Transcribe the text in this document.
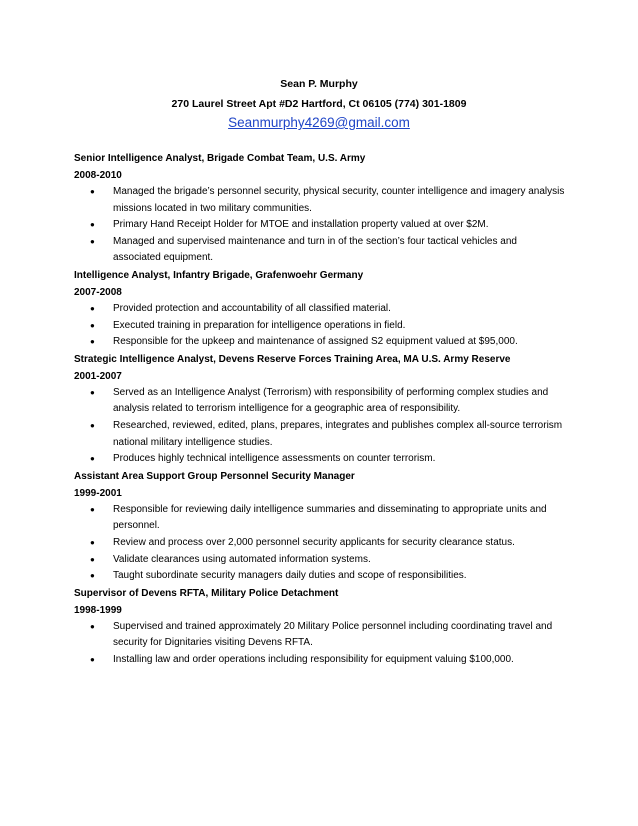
Sean P. Murphy
270 Laurel Street Apt #D2 Hartford, Ct 06105 (774) 301-1809
Seanmurphy4269@gmail.com
Senior Intelligence Analyst, Brigade Combat Team, U.S. Army
2008-2010
● Managed the brigade’s personnel security, physical security, counter intelligence and imagery analysis missions located in two military communities.
● Primary Hand Receipt Holder for MTOE and installation property valued at over $2M.
● Managed and supervised maintenance and turn in of the section’s four tactical vehicles and associated equipment.
Intelligence Analyst, Infantry Brigade, Grafenwoehr Germany
2007-2008
● Provided protection and accountability of all classified material.
● Executed training in preparation for intelligence operations in field.
● Responsible for the upkeep and maintenance of assigned S2 equipment valued at $95,000.
Strategic Intelligence Analyst, Devens Reserve Forces Training Area, MA U.S. Army Reserve
2001-2007
● Served as an Intelligence Analyst (Terrorism) with responsibility of performing complex studies and analysis related to terrorism intelligence for a geographic area of responsibility.
● Researched, reviewed, edited, plans, prepares, integrates and publishes complex all-source terrorism national military intelligence studies.
● Produces highly technical intelligence assessments on counter terrorism.
Assistant Area Support Group Personnel Security Manager
1999-2001
● Responsible for reviewing daily intelligence summaries and disseminating to appropriate units and personnel.
● Review and process over 2,000 personnel security applicants for security clearance status.
● Validate clearances using automated information systems.
● Taught subordinate security managers daily duties and scope of responsibilities.
Supervisor of Devens RFTA, Military Police Detachment
1998-1999
● Supervised and trained approximately 20 Military Police personnel including coordinating travel and security for Dignitaries visiting Devens RFTA.
● Installing law and order operations including responsibility for equipment valuing $100,000.
